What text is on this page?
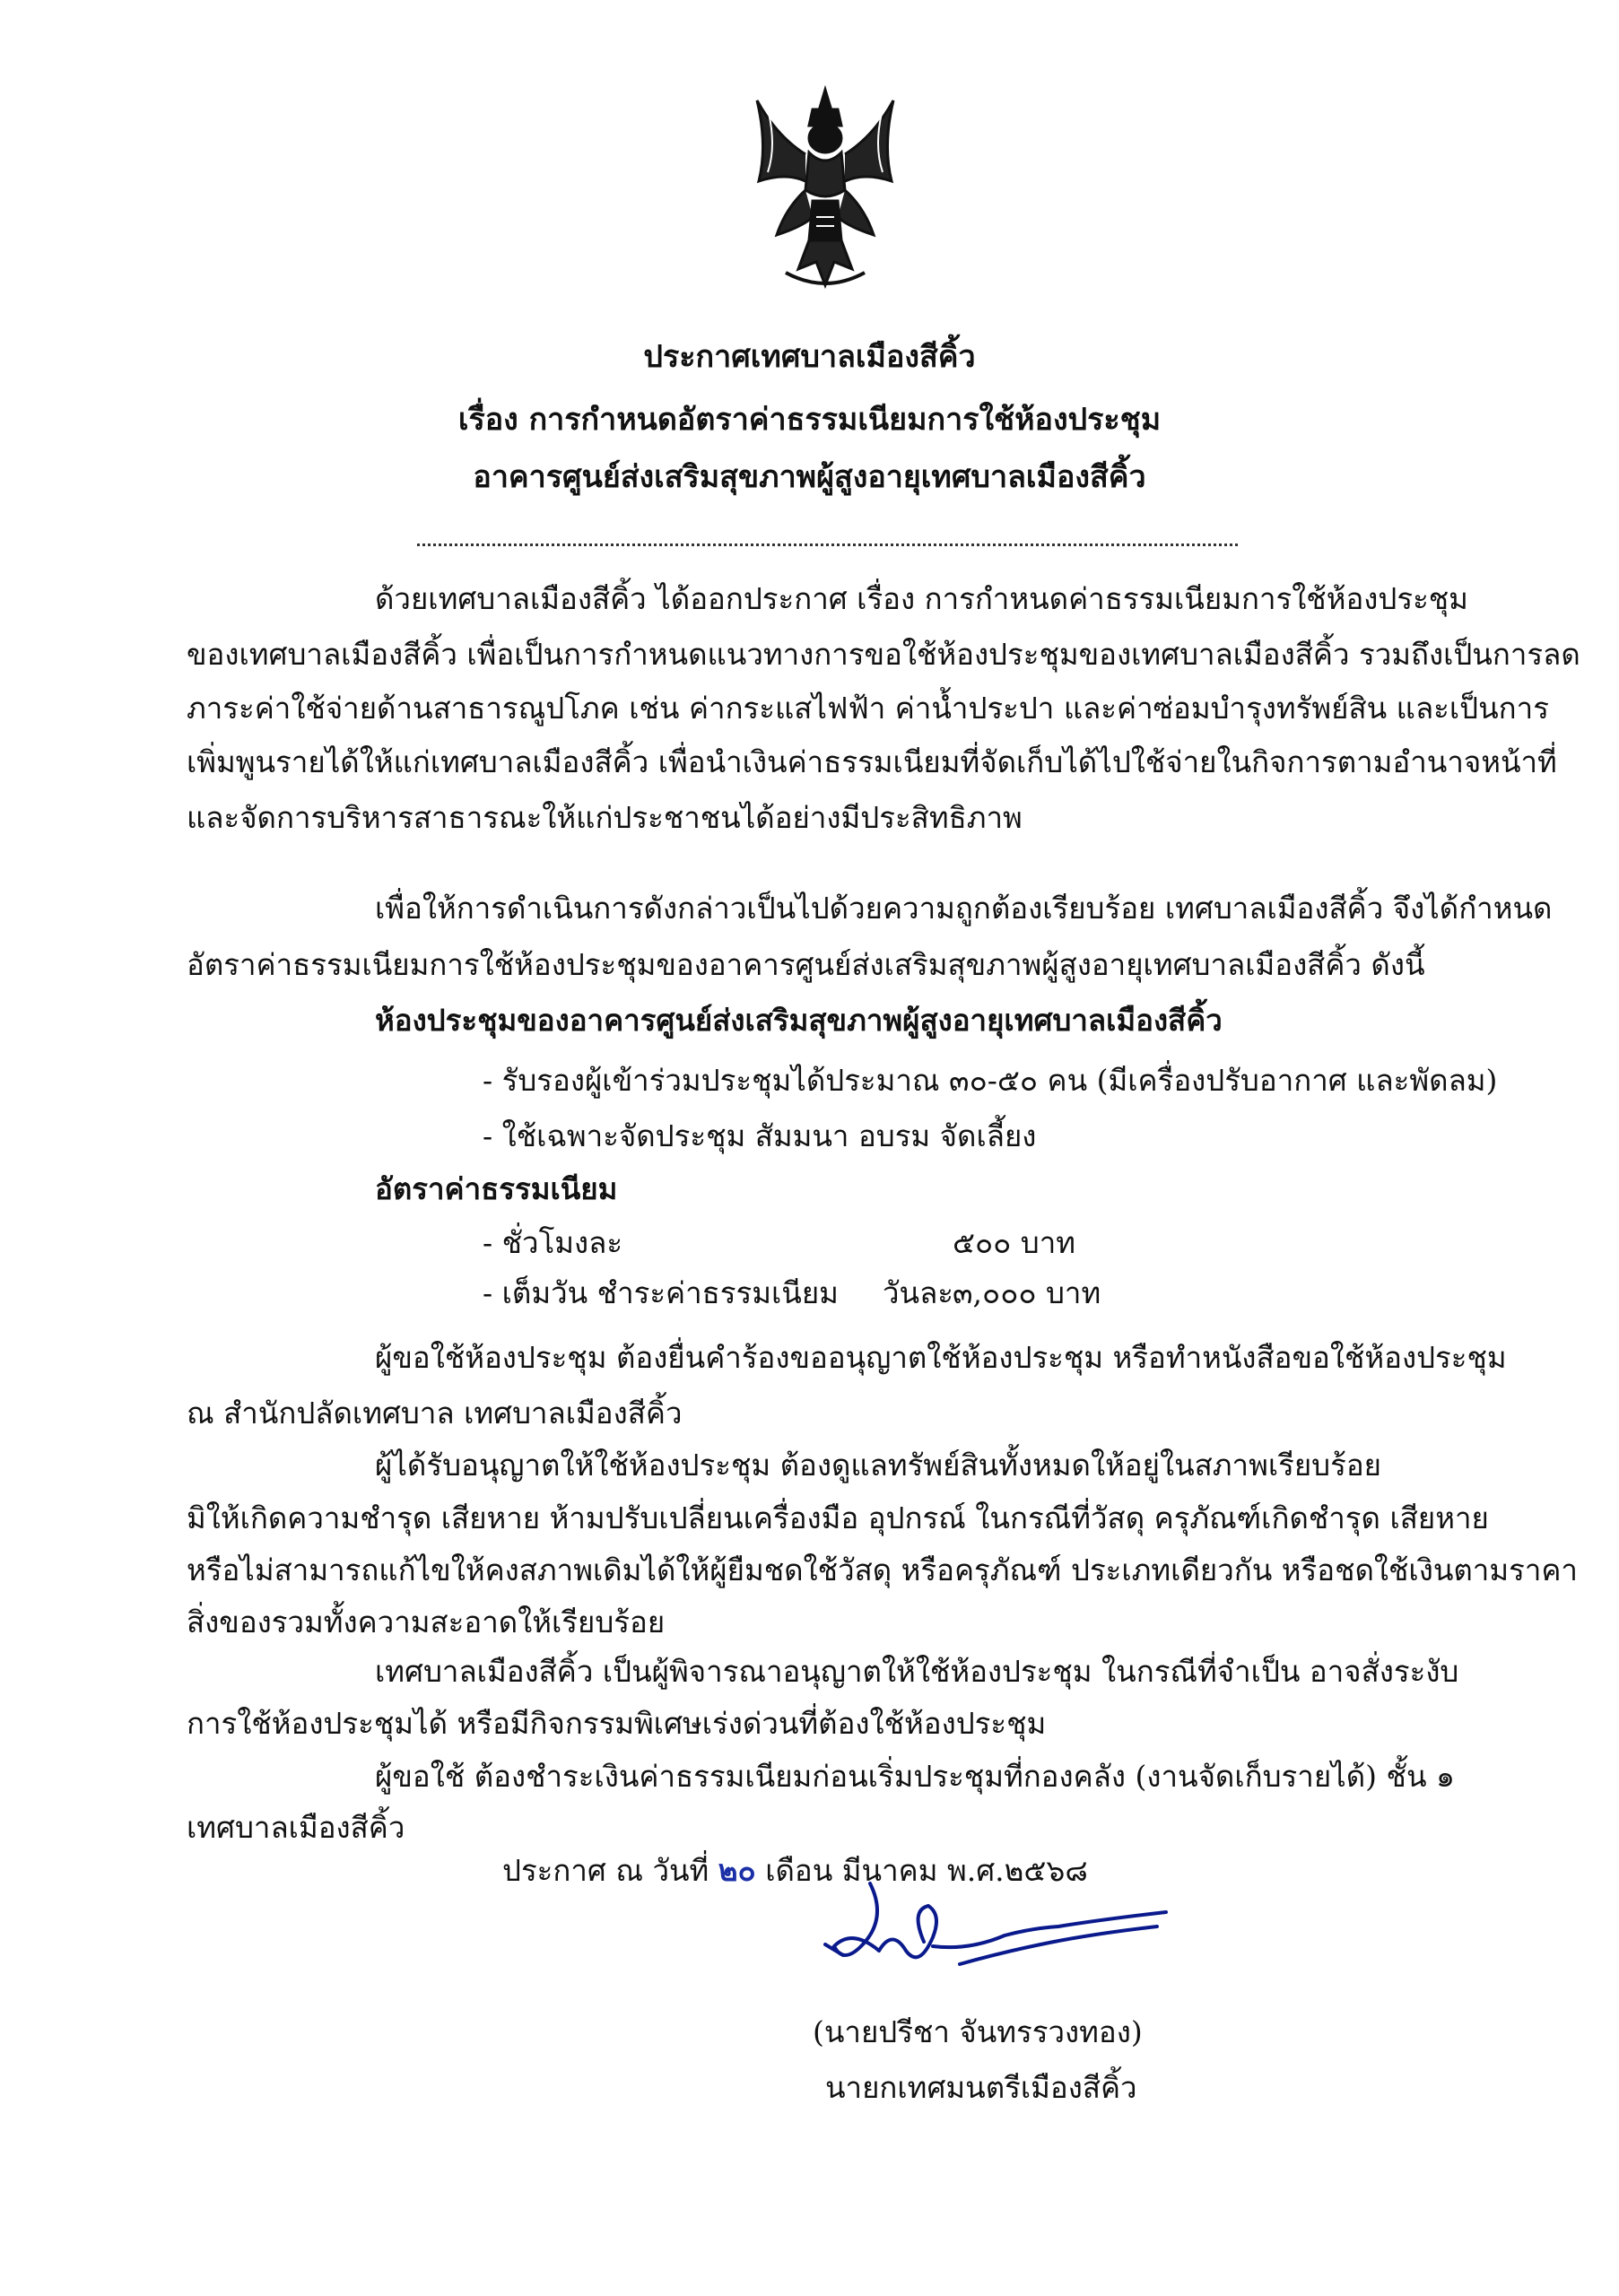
ประกาศเทศบาลเมืองสีคิ้ว
เรื่อง การกำหนดอัตราค่าธรรมเนียมการใช้ห้องประชุม
อาคารศูนย์ส่งเสริมสุขภาพผู้สูงอายุเทศบาลเมืองสีคิ้ว
ด้วยเทศบาลเมืองสีคิ้ว ได้ออกประกาศ เรื่อง การกำหนดค่าธรรมเนียมการใช้ห้องประชุม
ของเทศบาลเมืองสีคิ้ว เพื่อเป็นการกำหนดแนวทางการขอใช้ห้องประชุมของเทศบาลเมืองสีคิ้ว รวมถึงเป็นการลด
ภาระค่าใช้จ่ายด้านสาธารณูปโภค เช่น ค่ากระแสไฟฟ้า ค่าน้ำประปา และค่าซ่อมบำรุงทรัพย์สิน และเป็นการ
เพิ่มพูนรายได้ให้แก่เทศบาลเมืองสีคิ้ว เพื่อนำเงินค่าธรรมเนียมที่จัดเก็บได้ไปใช้จ่ายในกิจการตามอำนาจหน้าที่
และจัดการบริหารสาธารณะให้แก่ประชาชนได้อย่างมีประสิทธิภาพ
เพื่อให้การดำเนินการดังกล่าวเป็นไปด้วยความถูกต้องเรียบร้อย เทศบาลเมืองสีคิ้ว จึงได้กำหนด
อัตราค่าธรรมเนียมการใช้ห้องประชุมของอาคารศูนย์ส่งเสริมสุขภาพผู้สูงอายุเทศบาลเมืองสีคิ้ว ดังนี้
ห้องประชุมของอาคารศูนย์ส่งเสริมสุขภาพผู้สูงอายุเทศบาลเมืองสีคิ้ว
- รับรองผู้เข้าร่วมประชุมได้ประมาณ ๓๐-๕๐ คน (มีเครื่องปรับอากาศ และพัดลม)
- ใช้เฉพาะจัดประชุม สัมมนา อบรม จัดเลี้ยง
อัตราค่าธรรมเนียม
- ชั่วโมงละ	๕๐๐ บาท
- เต็มวัน ชำระค่าธรรมเนียม วันละ
๓,๐๐๐ บาท
ผู้ขอใช้ห้องประชุม ต้องยื่นคำร้องขออนุญาตใช้ห้องประชุม หรือทำหนังสือขอใช้ห้องประชุม
ณ สำนักปลัดเทศบาล เทศบาลเมืองสีคิ้ว
ผู้ได้รับอนุญาตให้ใช้ห้องประชุม ต้องดูแลทรัพย์สินทั้งหมดให้อยู่ในสภาพเรียบร้อย
มิให้เกิดความชำรุด เสียหาย ห้ามปรับเปลี่ยนเครื่องมือ อุปกรณ์ ในกรณีที่วัสดุ ครุภัณฑ์เกิดชำรุด เสียหาย
หรือไม่สามารถแก้ไขให้คงสภาพเดิมได้ให้ผู้ยืมชดใช้วัสดุ หรือครุภัณฑ์ ประเภทเดียวกัน หรือชดใช้เงินตามราคา
สิ่งของรวมทั้งความสะอาดให้เรียบร้อย
เทศบาลเมืองสีคิ้ว เป็นผู้พิจารณาอนุญาตให้ใช้ห้องประชุม ในกรณีที่จำเป็น อาจสั่งระงับ
การใช้ห้องประชุมได้ หรือมีกิจกรรมพิเศษเร่งด่วนที่ต้องใช้ห้องประชุม
ผู้ขอใช้ ต้องชำระเงินค่าธรรมเนียมก่อนเริ่มประชุมที่กองคลัง (งานจัดเก็บรายได้) ชั้น ๑
เทศบาลเมืองสีคิ้ว
ประกาศ ณ วันที่ ๒๐ เดือน มีนาคม พ.ศ.๒๕๖๘
(นายปรีชา จันทรรวงทอง)
นายกเทศมนตรีเมืองสีคิ้ว
